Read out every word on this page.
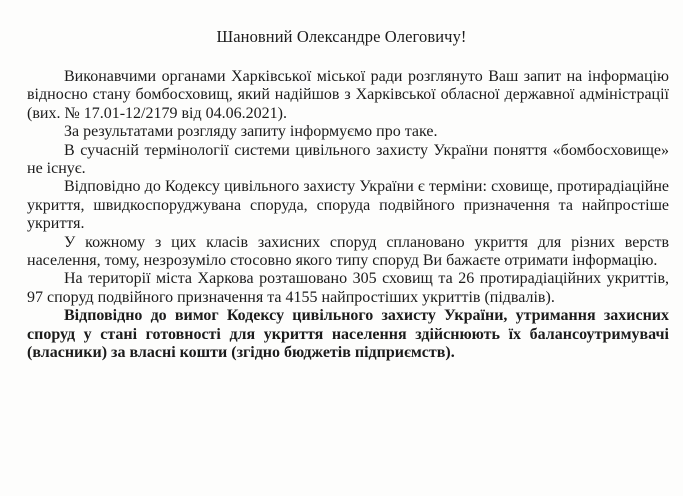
Шановний Олександре Олеговичу!

Виконавчими органами Харківської міської ради розглянуто Ваш запит на інформацію відносно стану бомбосховищ, який надійшов з Харківської обласної державної адміністрації (вих. № 17.01-12/2179 від 04.06.2021).

За результатами розгляду запиту інформуємо про таке.

В сучасній термінології системи цивільного захисту України поняття «бомбосховище» не існує.

Відповідно до Кодексу цивільного захисту України є терміни: сховище, протирадіаційне укриття, швидкоспоруджувана споруда, споруда подвійного призначення та найпростіше укриття.

У кожному з цих класів захисних споруд сплановано укриття для різних верств населення, тому, незрозуміло стосовно якого типу споруд Ви бажаєте отримати інформацію.

На території міста Харкова розташовано 305 сховищ та 26 протирадіаційних укриттів, 97 споруд подвійного призначення та 4155 найпростіших укриттів (підвалів).

Відповідно до вимог Кодексу цивільного захисту України, утримання захисних споруд у стані готовності для укриття населення здійснюють їх балансоутримувачі (власники) за власні кошти (згідно бюджетів підприємств).
